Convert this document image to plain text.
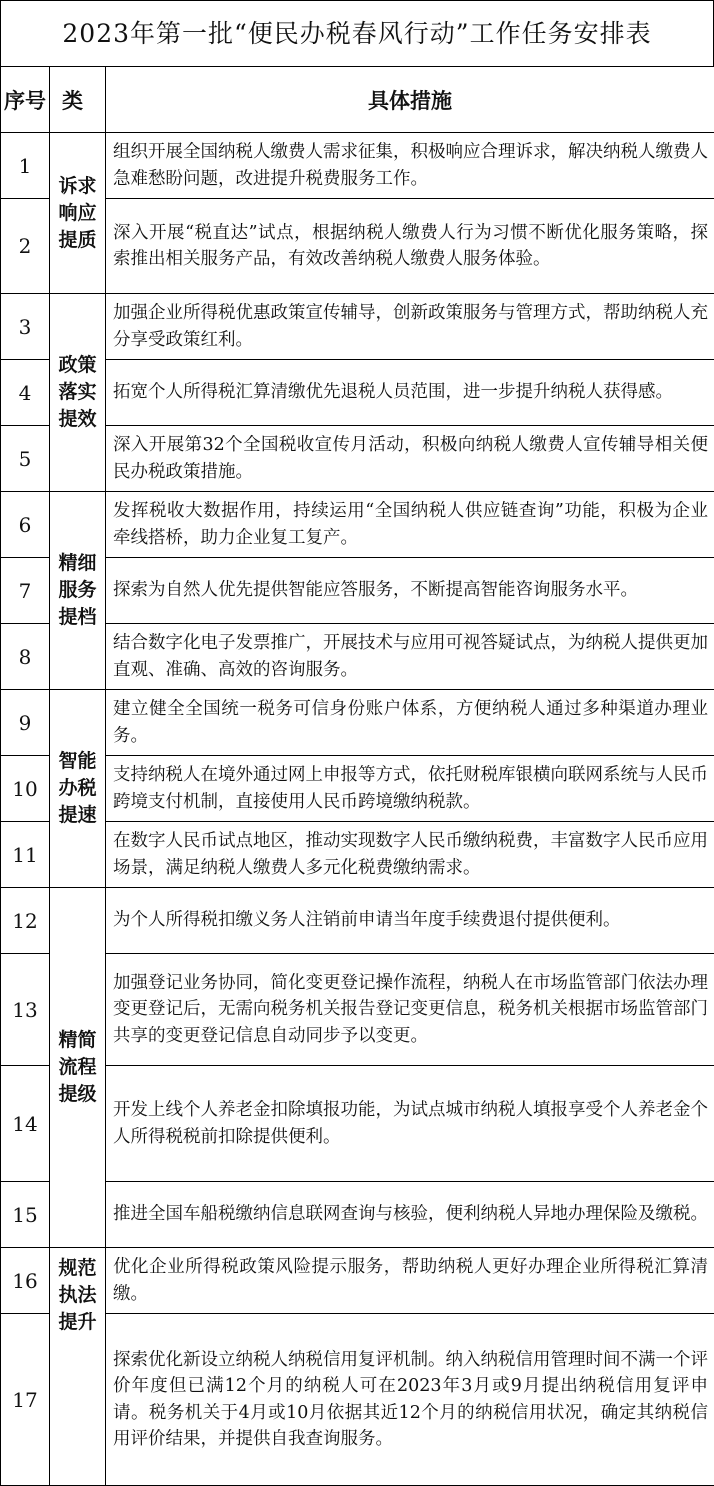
2023年第一批“便民办税春风行动”工作任务安排表
序号	类	具体措施
1	诉求响应提质	组织开展全国纳税人缴费人需求征集，积极响应合理诉求，解决纳税人缴费人急难愁盼问题，改进提升税费服务工作。
2		深入开展“税直达”试点，根据纳税人缴费人行为习惯不断优化服务策略，探索推出相关服务产品，有效改善纳税人缴费人服务体验。
3	政策落实提效	加强企业所得税优惠政策宣传辅导，创新政策服务与管理方式，帮助纳税人充分享受政策红利。
4		拓宽个人所得税汇算清缴优先退税人员范围，进一步提升纳税人获得感。
5		深入开展第32个全国税收宣传月活动，积极向纳税人缴费人宣传辅导相关便民办税政策措施。
6	精细服务提档	发挥税收大数据作用，持续运用“全国纳税人供应链查询”功能，积极为企业牵线搭桥，助力企业复工复产。
7		探索为自然人优先提供智能应答服务，不断提高智能咨询服务水平。
8		结合数字化电子发票推广，开展技术与应用可视答疑试点，为纳税人提供更加直观、准确、高效的咨询服务。
9	智能办税提速	建立健全全国统一税务可信身份账户体系，方便纳税人通过多种渠道办理业务。
10		支持纳税人在境外通过网上申报等方式，依托财税库银横向联网系统与人民币跨境支付机制，直接使用人民币跨境缴纳税款。
11		在数字人民币试点地区，推动实现数字人民币缴纳税费，丰富数字人民币应用场景，满足纳税人缴费人多元化税费缴纳需求。
12	精简流程提级	为个人所得税扣缴义务人注销前申请当年度手续费退付提供便利。
13		加强登记业务协同，简化变更登记操作流程，纳税人在市场监管部门依法办理变更登记后，无需向税务机关报告登记变更信息，税务机关根据市场监管部门共享的变更登记信息自动同步予以变更。
14		开发上线个人养老金扣除填报功能，为试点城市纳税人填报享受个人养老金个人所得税税前扣除提供便利。
15		推进全国车船税缴纳信息联网查询与核验，便利纳税人异地办理保险及缴税。
16	规范执法提升	优化企业所得税政策风险提示服务，帮助纳税人更好办理企业所得税汇算清缴。
17		探索优化新设立纳税人纳税信用复评机制。纳入纳税信用管理时间不满一个评价年度但已满12个月的纳税人可在2023年3月或9月提出纳税信用复评申请。税务机关于4月或10月依据其近12个月的纳税信用状况，确定其纳税信用评价结果，并提供自我查询服务。
